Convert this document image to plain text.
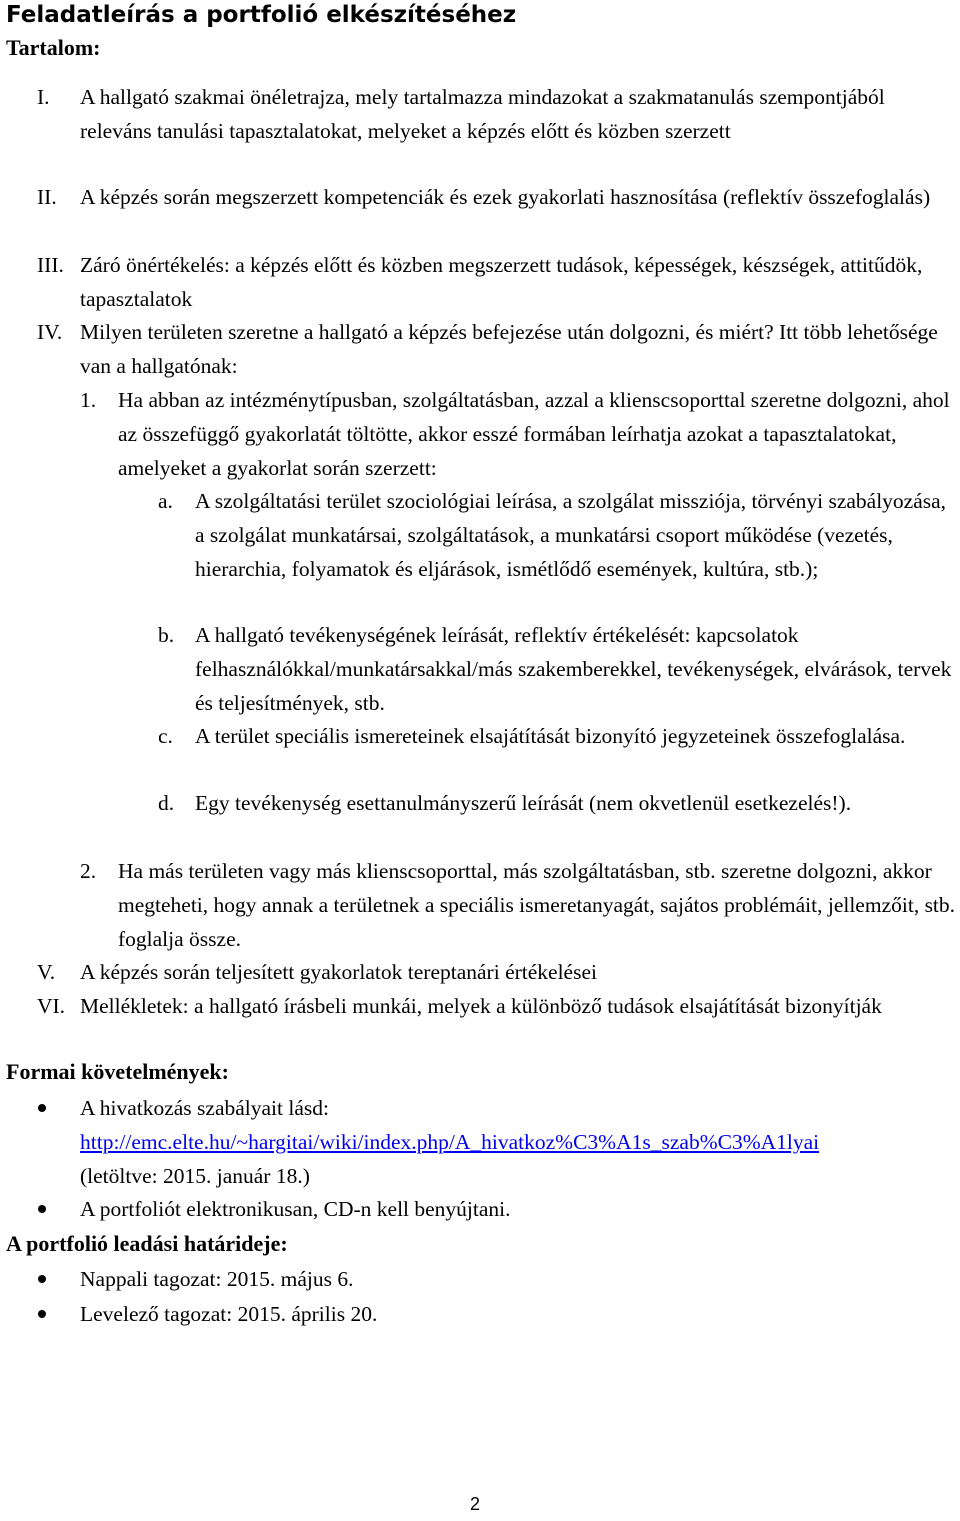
Feladatleírás a portfolió elkészítéséhez
Tartalom:
I. A hallgató szakmai önéletrajza, mely tartalmazza mindazokat a szakmatanulás szempontjából releváns tanulási tapasztalatokat, melyeket a képzés előtt és közben szerzett
II. A képzés során megszerzett kompetenciák és ezek gyakorlati hasznosítása (reflektív összefoglalás)
III. Záró önértékelés: a képzés előtt és közben megszerzett tudások, képességek, készségek, attitűdök, tapasztalatok
IV. Milyen területen szeretne a hallgató a képzés befejezése után dolgozni, és miért? Itt több lehetősége van a hallgatónak:
1. Ha abban az intézménytípusban, szolgáltatásban, azzal a klienscsoporttal szeretne dolgozni, ahol az összefüggő gyakorlatát töltötte, akkor esszé formában leírhatja azokat a tapasztalatokat, amelyeket a gyakorlat során szerzett:
a. A szolgáltatási terület szociológiai leírása, a szolgálat missziója, törvényi szabályozása, a szolgálat munkatársai, szolgáltatások, a munkatársi csoport működése (vezetés, hierarchia, folyamatok és eljárások, ismétlődő események, kultúra, stb.);
b. A hallgató tevékenységének leírását, reflektív értékelését: kapcsolatok felhasználókkal/munkatársakkal/más szakemberekkel, tevékenységek, elvárások, tervek és teljesítmények, stb.
c. A terület speciális ismereteinek elsajátítását bizonyító jegyzeteinek összefoglalása.
d. Egy tevékenység esettanulmányszerű leírását (nem okvetlenül esetkezelés!).
2. Ha más területen vagy más klienscsoporttal, más szolgáltatásban, stb. szeretne dolgozni, akkor megteheti, hogy annak a területnek a speciális ismeretanyagát, sajátos problémáit, jellemzőit, stb. foglalja össze.
V. A képzés során teljesített gyakorlatok tereptanári értékelései
VI. Mellékletek: a hallgató írásbeli munkái, melyek a különböző tudások elsajátítását bizonyítják
Formai követelmények:
A hivatkozás szabályait lásd:
http://emc.elte.hu/~hargitai/wiki/index.php/A_hivatkoz%C3%A1s_szab%C3%A1lyai
(letöltve: 2015. január 18.)
A portfoliót elektronikusan, CD-n kell benyújtani.
A portfolió leadási határideje:
Nappali tagozat: 2015. május 6.
Levelező tagozat: 2015. április 20.
2
